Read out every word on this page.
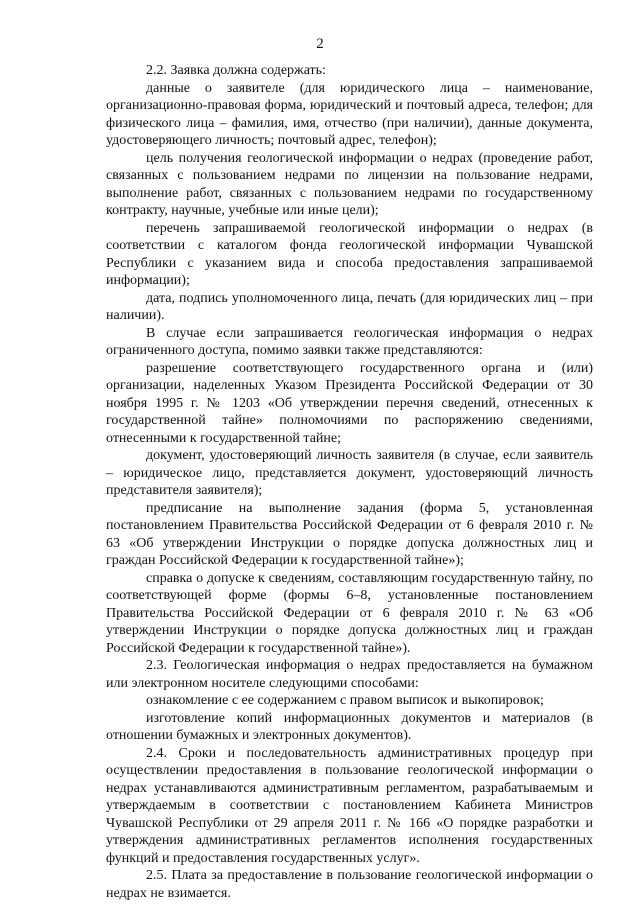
2

2.2. Заявка должна содержать:

данные о заявителе (для юридического лица – наименование, организационно-правовая форма, юридический и почтовый адреса, телефон; для физического лица – фамилия, имя, отчество (при наличии), данные документа, удостоверяющего личность; почтовый адрес, телефон);

цель получения геологической информации о недрах (проведение работ, связанных с пользованием недрами по лицензии на пользование недрами, выполнение работ, связанных с пользованием недрами по государственному контракту, научные, учебные или иные цели);

перечень запрашиваемой геологической информации о недрах (в соответствии с каталогом фонда геологической информации Чувашской Республики с указанием вида и способа предоставления запрашиваемой информации);

дата, подпись уполномоченного лица, печать (для юридических лиц – при наличии).

В случае если запрашивается геологическая информация о недрах ограниченного доступа, помимо заявки также представляются:

разрешение соответствующего государственного органа и (или) организации, наделенных Указом Президента Российской Федерации от 30 ноября 1995 г. № 1203 «Об утверждении перечня сведений, отнесенных к государственной тайне» полномочиями по распоряжению сведениями, отнесенными к государственной тайне;

документ, удостоверяющий личность заявителя (в случае, если заявитель – юридическое лицо, представляется документ, удостоверяющий личность представителя заявителя);

предписание на выполнение задания (форма 5, установленная постановлением Правительства Российской Федерации от 6 февраля 2010 г. № 63 «Об утверждении Инструкции о порядке допуска должностных лиц и граждан Российской Федерации к государственной тайне»);

справка о допуске к сведениям, составляющим государственную тайну, по соответствующей форме (формы 6–8, установленные постановлением Правительства Российской Федерации от 6 февраля 2010 г. № 63 «Об утверждении Инструкции о порядке допуска должностных лиц и граждан Российской Федерации к государственной тайне»).

2.3. Геологическая информация о недрах предоставляется на бумажном или электронном носителе следующими способами:

ознакомление с ее содержанием с правом выписок и выкопировок;

изготовление копий информационных документов и материалов (в отношении бумажных и электронных документов).

2.4. Сроки и последовательность административных процедур при осуществлении предоставления в пользование геологической информации о недрах устанавливаются административным регламентом, разрабатываемым и утверждаемым в соответствии с постановлением Кабинета Министров Чувашской Республики от 29 апреля 2011 г. № 166 «О порядке разработки и утверждения административных регламентов исполнения государственных функций и предоставления государственных услуг».

2.5. Плата за предоставление в пользование геологической информации о недрах не взимается.
